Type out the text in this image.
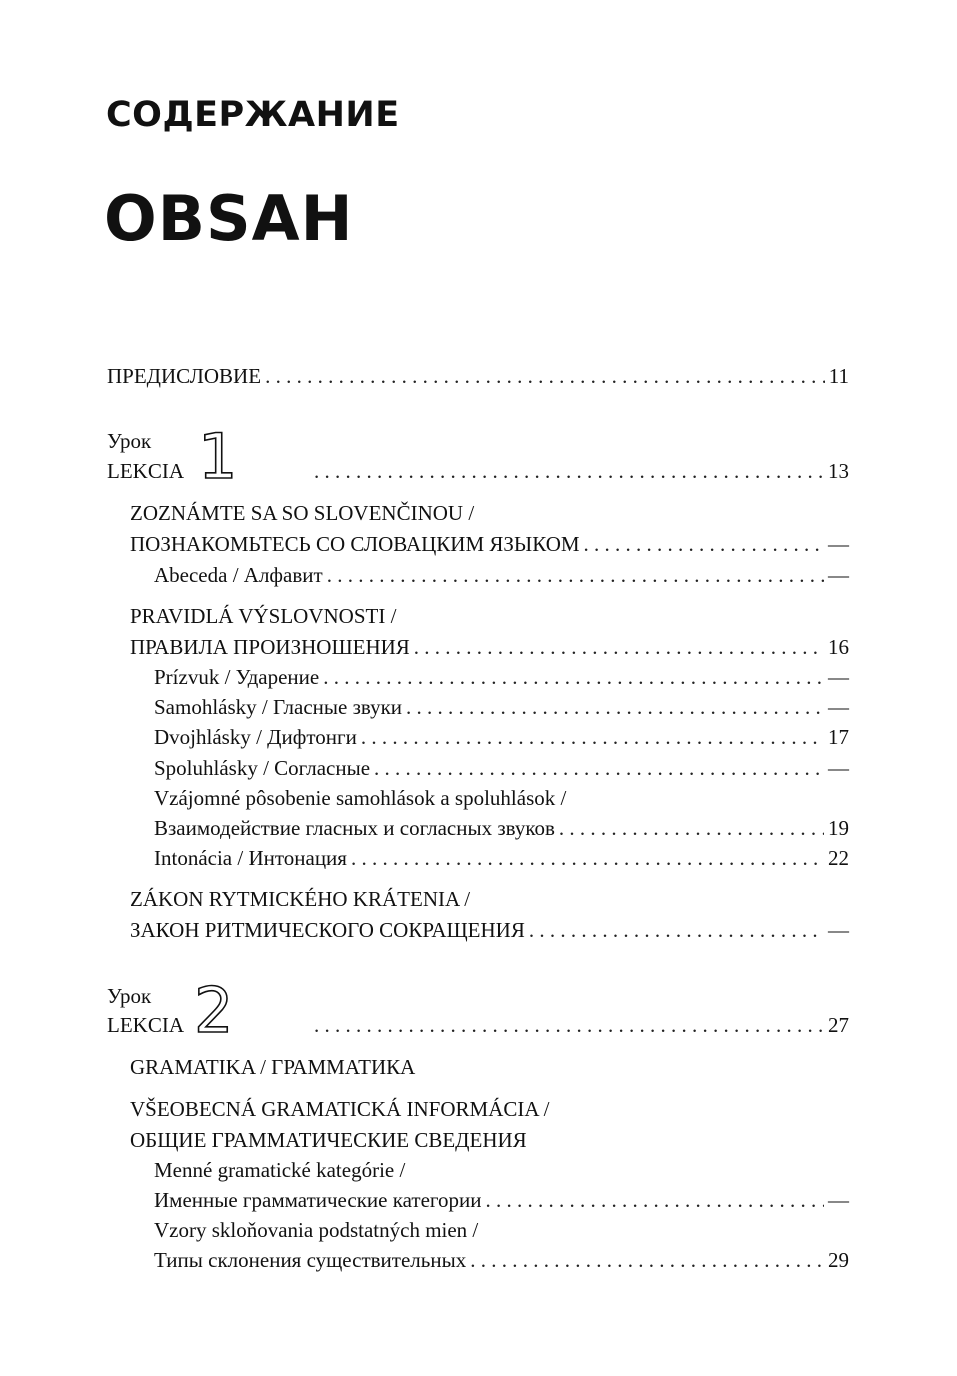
СОДЕРЖАНИЕ
OBSAH
ПРЕДИСЛОВИЕ . . .	11
Урок 1
LEKCIA . . .	13
ZOZNÁMTE SA SO SLOVENČINOU /
ПОЗНАКОМЬТЕСЬ СО СЛОВАЦКИМ ЯЗЫКОМ . . .	—
Abeceda / Алфавит . . .	—
PRAVIDLÁ VÝSLOVNOSTI /
ПРАВИЛА ПРОИЗНОШЕНИЯ . . .	16
Prízvuk / Ударение . . .	—
Samohlásky / Гласные звуки . . .	—
Dvojhlásky / Дифтонги . . .	17
Spoluhlásky / Согласные . . .	—
Vzájomné pôsobenie samohlások a spoluhlások /
Взаимодействие гласных и согласных звуков . . .	19
Intonácia / Интонация . . .	22
ZÁKON RYTMICKÉHO KRÁTENIA /
ЗАКОН РИТМИЧЕСКОГО СОКРАЩЕНИЯ . . .	—
Урок 2
LEKCIA . . .	27
GRAMATIKA / ГРАММАТИКА
VŠEOBECNÁ GRAMATICKÁ INFORMÁCIA /
ОБЩИЕ ГРАММАТИЧЕСКИЕ СВЕДЕНИЯ
Menné gramatické kategórie /
Именные грамматические категории . . .	—
Vzory skloňovania podstatných mien /
Типы склонения существительных . . .	29
